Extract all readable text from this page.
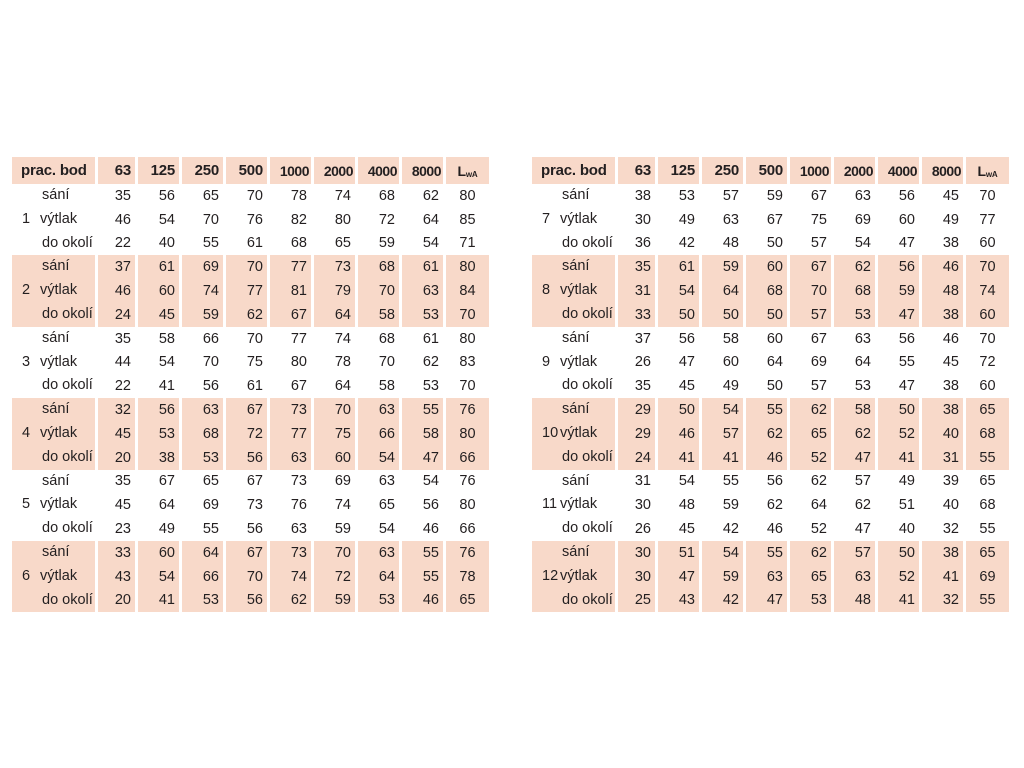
prac. bod	63	125	250	500	1000	2000	4000	8000	$L_{wA}$

sání	35	56	65	70	78	74	68	62	80

1 výtlak	46	54	70	76	82	80	72	64	85

do okolí	22	40	55	61	68	65	59	54	71

sání	37	61	69	70	77	73	68	61	80

2 výtlak	46	60	74	77	81	79	70	63	84

do okolí	24	45	59	62	67	64	58	53	70

sání	35	58	66	70	77	74	68	61	80

3 výtlak	44	54	70	75	80	78	70	62	83

do okolí	22	41	56	61	67	64	58	53	70

sání	32	56	63	67	73	70	63	55	76

4 výtlak	45	53	68	72	77	75	66	58	80

do okolí	20	38	53	56	63	60	54	47	66

sání	35	67	65	67	73	69	63	54	76

5 výtlak	45	64	69	73	76	74	65	56	80

do okolí	23	49	55	56	63	59	54	46	66

sání	33	60	64	67	73	70	63	55	76

6 výtlak	43	54	66	70	74	72	64	55	78

do okolí	20	41	53	56	62	59	53	46	65
prac. bod	63	125	250	500	1000	2000	4000	8000	$L_{wA}$

sání	38	53	57	59	67	63	56	45	70

7 výtlak	30	49	63	67	75	69	60	49	77

do okolí	36	42	48	50	57	54	47	38	60

sání	35	61	59	60	67	62	56	46	70

8 výtlak	31	54	64	68	70	68	59	48	74

do okolí	33	50	50	50	57	53	47	38	60

sání	37	56	58	60	67	63	56	46	70

9 výtlak	26	47	60	64	69	64	55	45	72

do okolí	35	45	49	50	57	53	47	38	60

sání	29	50	54	55	62	58	50	38	65

10 výtlak	29	46	57	62	65	62	52	40	68

do okolí	24	41	41	46	52	47	41	31	55

sání	31	54	55	56	62	57	49	39	65

11 výtlak	30	48	59	62	64	62	51	40	68

do okolí	26	45	42	46	52	47	40	32	55

sání	30	51	54	55	62	57	50	38	65

12 výtlak	30	47	59	63	65	63	52	41	69

do okolí	25	43	42	47	53	48	41	32	55
